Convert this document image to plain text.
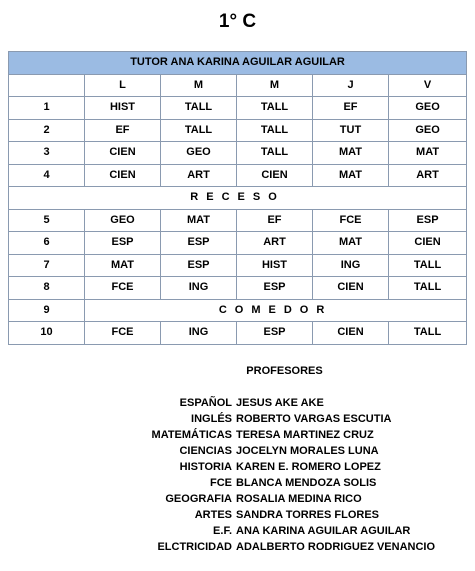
1° C
TUTOR ANA KARINA AGUILAR AGUILAR					
	L	M	M	J	V
1	HIST	TALL	TALL	EF	GEO
2	EF	TALL	TALL	TUT	GEO
3	CIEN	GEO	TALL	MAT	MAT
4	CIEN	ART	CIEN	MAT	ART
RECESO					
5	GEO	MAT	EF	FCE	ESP
6	ESP	ESP	ART	MAT	CIEN
7	MAT	ESP	HIST	ING	TALL
8	FCE	ING	ESP	CIEN	TALL
9	COMEDOR				
10	FCE	ING	ESP	CIEN	TALL
PROFESORES
ESPAÑOL JESUS AKE AKE
INGLÉS ROBERTO VARGAS ESCUTIA
MATEMÁTICAS TERESA MARTINEZ CRUZ
CIENCIAS JOCELYN MORALES LUNA
HISTORIA KAREN E. ROMERO LOPEZ
FCE BLANCA MENDOZA SOLIS
GEOGRAFIA ROSALIA MEDINA RICO
ARTES SANDRA TORRES FLORES
E.F. ANA KARINA AGUILAR AGUILAR
ELCTRICIDAD ADALBERTO RODRIGUEZ VENANCIO
